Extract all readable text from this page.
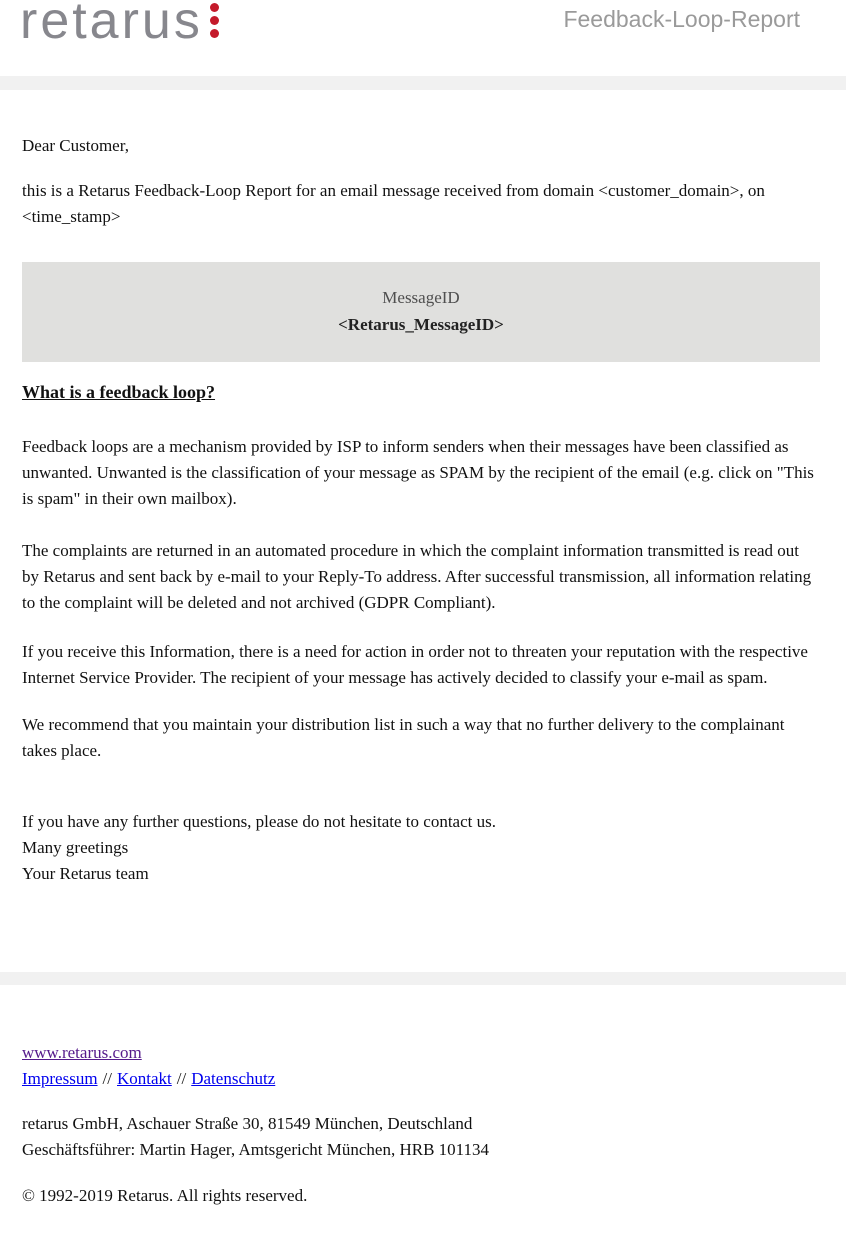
retarus	Feedback-Loop-Report

Dear Customer,

this is a Retarus Feedback-Loop Report for an email message received from domain <customer_domain>, on <time_stamp>

MessageID
<Retarus_MessageID>
What is a feedback loop?

Feedback loops are a mechanism provided by ISP to inform senders when their messages have been classified as unwanted. Unwanted is the classification of your message as SPAM by the recipient of the email (e.g. click on "This is spam" in their own mailbox).

The complaints are returned in an automated procedure in which the complaint information transmitted is read out by Retarus and sent back by e-mail to your Reply-To address. After successful transmission, all information relating to the complaint will be deleted and not archived (GDPR Compliant).

If you receive this Information, there is a need for action in order not to threaten your reputation with the respective Internet Service Provider. The recipient of your message has actively decided to classify your e-mail as spam.

We recommend that you maintain your distribution list in such a way that no further delivery to the complainant takes place.

If you have any further questions, please do not hesitate to contact us.

Many greetings

Your Retarus team

www.retarus.com
Impressum // Kontakt // Datenschutz

retarus GmbH, Aschauer Straße 30, 81549 München, Deutschland

Geschäftsführer: Martin Hager, Amtsgericht München, HRB 101134

© 1992-2019 Retarus. All rights reserved.
